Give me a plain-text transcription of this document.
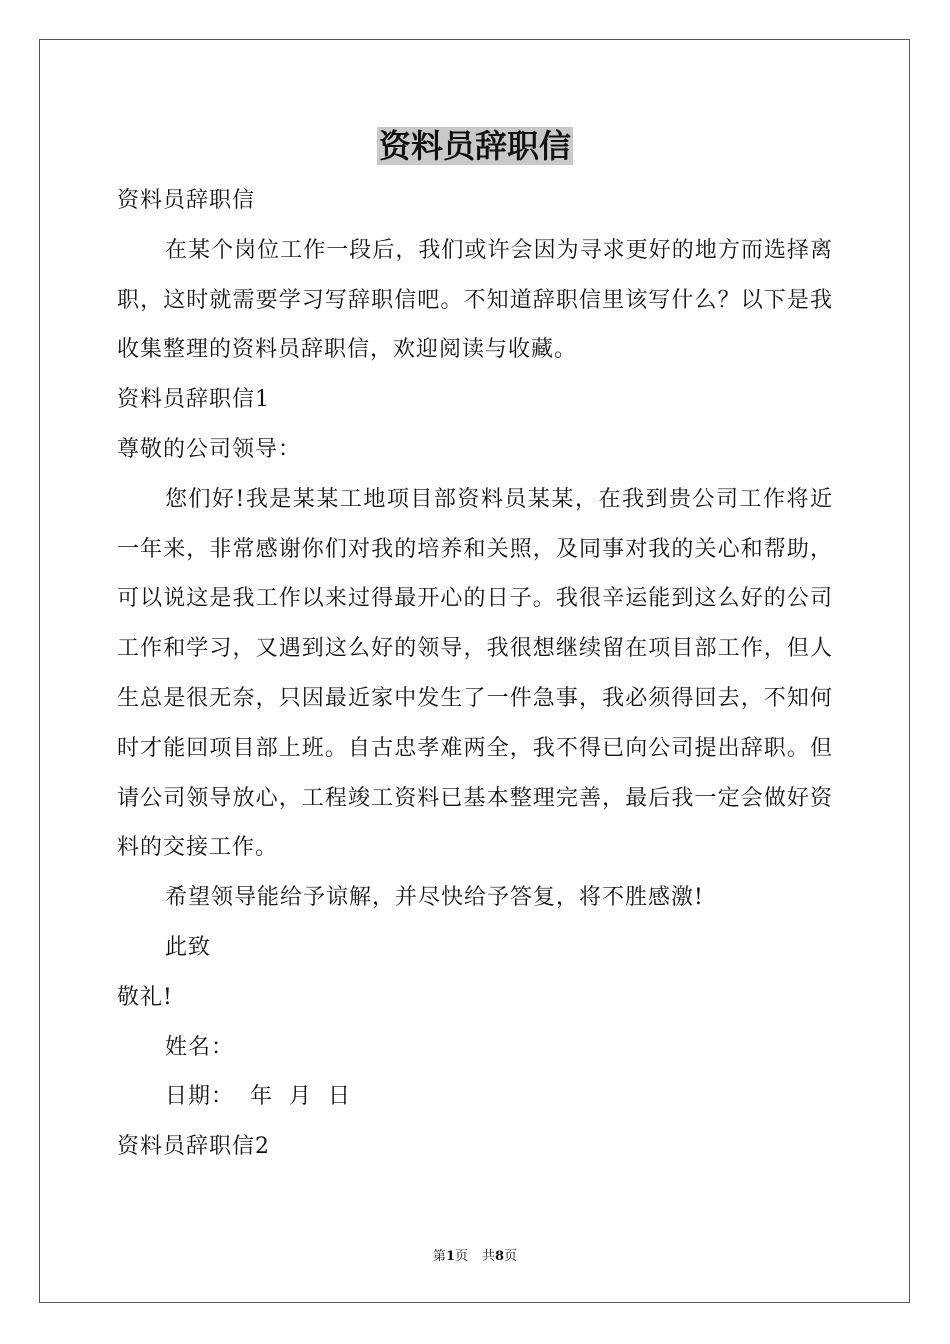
资料员辞职信

资料员辞职信

在某个岗位工作一段后，我们或许会因为寻求更好的地方而选择离职，这时就需要学习写辞职信吧。不知道辞职信里该写什么？以下是我收集整理的资料员辞职信，欢迎阅读与收藏。

资料员辞职信1

尊敬的公司领导：

您们好!我是某某工地项目部资料员某某，在我到贵公司工作将近一年来，非常感谢你们对我的培养和关照，及同事对我的关心和帮助，可以说这是我工作以来过得最开心的日子。我很辛运能到这么好的公司工作和学习，又遇到这么好的领导，我很想继续留在项目部工作，但人生总是很无奈，只因最近家中发生了一件急事，我必须得回去，不知何时才能回项目部上班。自古忠孝难两全，我不得已向公司提出辞职。但请公司领导放心，工程竣工资料已基本整理完善，最后我一定会做好资料的交接工作。

希望领导能给予谅解，并尽快给予答复，将不胜感激!

此致

敬礼!

姓名：

日期：  年  月  日

资料员辞职信2

第1页 共8页
